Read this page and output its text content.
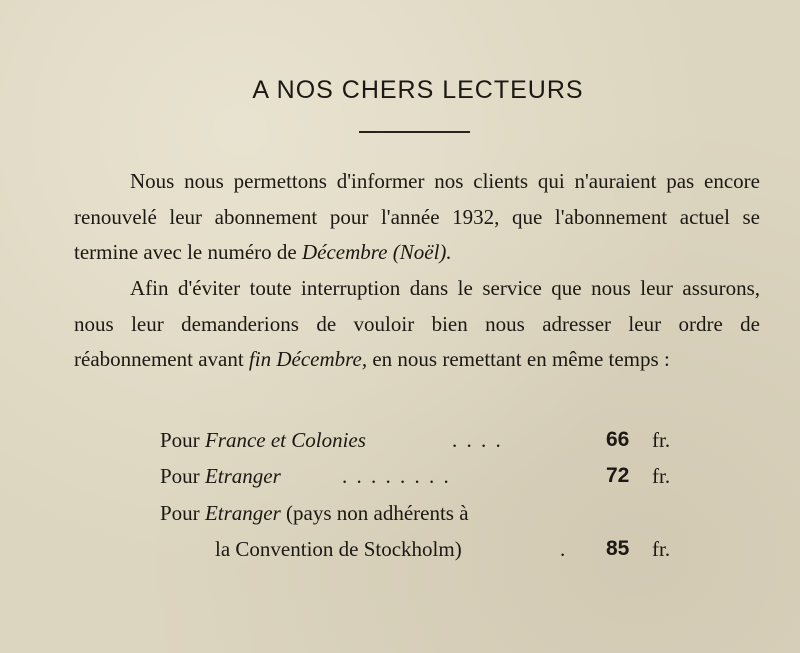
A NOS CHERS LECTEURS

Nous nous permettons d'informer nos clients qui n'auraient pas encore renouvelé leur abonnement pour l'année 1932, que l'abonnement actuel se termine avec le numéro de Décembre (Noël).

Afin d'éviter toute interruption dans le service que nous leur assurons, nous leur demanderions de vouloir bien nous adresser leur ordre de réabonnement avant fin Décembre, en nous remettant en même temps :

Pour France et Colonies	. . . .	66 fr.
Pour Etranger	. . . . . . . .	72 fr.
Pour Etranger (pays non adhérents à
la Convention de Stockholm)	. 85 fr.
